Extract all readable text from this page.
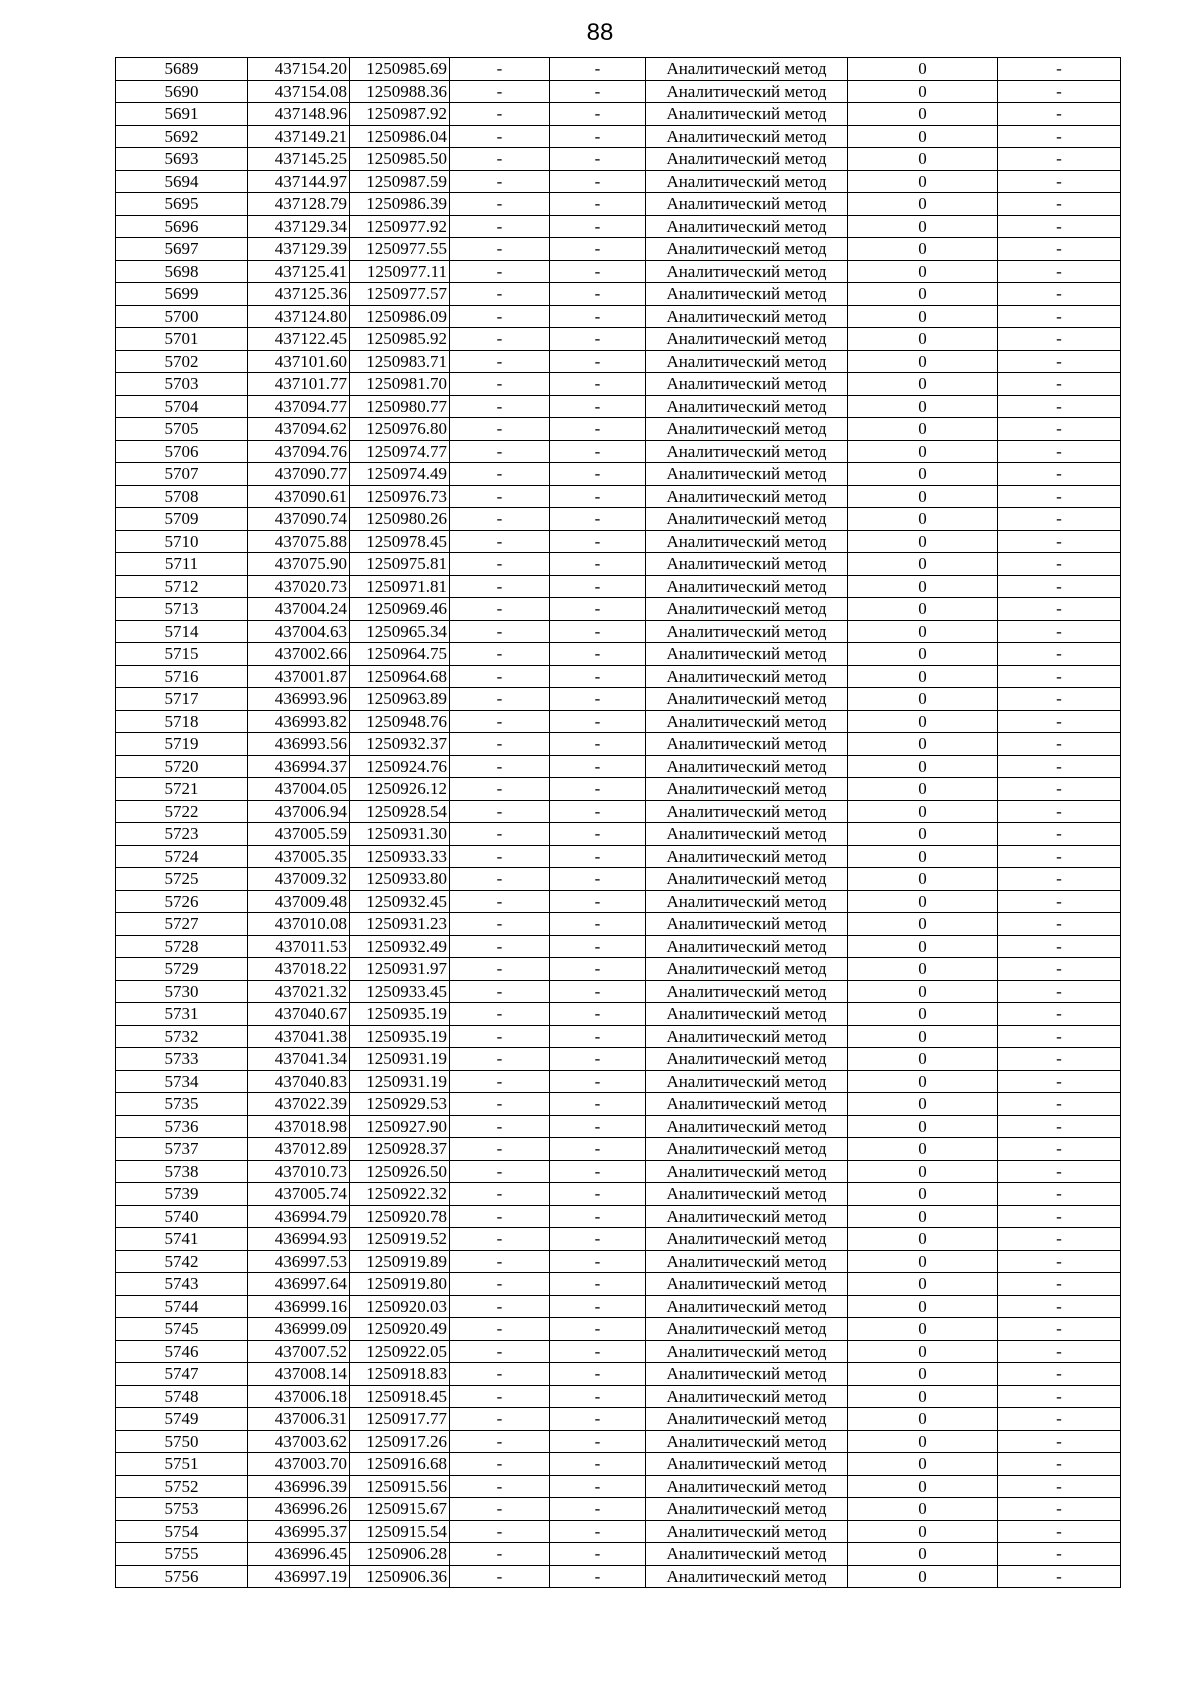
88
5689	437154.20	1250985.69	-	-	Аналитический метод	0	-
5690	437154.08	1250988.36	-	-	Аналитический метод	0	-
5691	437148.96	1250987.92	-	-	Аналитический метод	0	-
5692	437149.21	1250986.04	-	-	Аналитический метод	0	-
5693	437145.25	1250985.50	-	-	Аналитический метод	0	-
5694	437144.97	1250987.59	-	-	Аналитический метод	0	-
5695	437128.79	1250986.39	-	-	Аналитический метод	0	-
5696	437129.34	1250977.92	-	-	Аналитический метод	0	-
5697	437129.39	1250977.55	-	-	Аналитический метод	0	-
5698	437125.41	1250977.11	-	-	Аналитический метод	0	-
5699	437125.36	1250977.57	-	-	Аналитический метод	0	-
5700	437124.80	1250986.09	-	-	Аналитический метод	0	-
5701	437122.45	1250985.92	-	-	Аналитический метод	0	-
5702	437101.60	1250983.71	-	-	Аналитический метод	0	-
5703	437101.77	1250981.70	-	-	Аналитический метод	0	-
5704	437094.77	1250980.77	-	-	Аналитический метод	0	-
5705	437094.62	1250976.80	-	-	Аналитический метод	0	-
5706	437094.76	1250974.77	-	-	Аналитический метод	0	-
5707	437090.77	1250974.49	-	-	Аналитический метод	0	-
5708	437090.61	1250976.73	-	-	Аналитический метод	0	-
5709	437090.74	1250980.26	-	-	Аналитический метод	0	-
5710	437075.88	1250978.45	-	-	Аналитический метод	0	-
5711	437075.90	1250975.81	-	-	Аналитический метод	0	-
5712	437020.73	1250971.81	-	-	Аналитический метод	0	-
5713	437004.24	1250969.46	-	-	Аналитический метод	0	-
5714	437004.63	1250965.34	-	-	Аналитический метод	0	-
5715	437002.66	1250964.75	-	-	Аналитический метод	0	-
5716	437001.87	1250964.68	-	-	Аналитический метод	0	-
5717	436993.96	1250963.89	-	-	Аналитический метод	0	-
5718	436993.82	1250948.76	-	-	Аналитический метод	0	-
5719	436993.56	1250932.37	-	-	Аналитический метод	0	-
5720	436994.37	1250924.76	-	-	Аналитический метод	0	-
5721	437004.05	1250926.12	-	-	Аналитический метод	0	-
5722	437006.94	1250928.54	-	-	Аналитический метод	0	-
5723	437005.59	1250931.30	-	-	Аналитический метод	0	-
5724	437005.35	1250933.33	-	-	Аналитический метод	0	-
5725	437009.32	1250933.80	-	-	Аналитический метод	0	-
5726	437009.48	1250932.45	-	-	Аналитический метод	0	-
5727	437010.08	1250931.23	-	-	Аналитический метод	0	-
5728	437011.53	1250932.49	-	-	Аналитический метод	0	-
5729	437018.22	1250931.97	-	-	Аналитический метод	0	-
5730	437021.32	1250933.45	-	-	Аналитический метод	0	-
5731	437040.67	1250935.19	-	-	Аналитический метод	0	-
5732	437041.38	1250935.19	-	-	Аналитический метод	0	-
5733	437041.34	1250931.19	-	-	Аналитический метод	0	-
5734	437040.83	1250931.19	-	-	Аналитический метод	0	-
5735	437022.39	1250929.53	-	-	Аналитический метод	0	-
5736	437018.98	1250927.90	-	-	Аналитический метод	0	-
5737	437012.89	1250928.37	-	-	Аналитический метод	0	-
5738	437010.73	1250926.50	-	-	Аналитический метод	0	-
5739	437005.74	1250922.32	-	-	Аналитический метод	0	-
5740	436994.79	1250920.78	-	-	Аналитический метод	0	-
5741	436994.93	1250919.52	-	-	Аналитический метод	0	-
5742	436997.53	1250919.89	-	-	Аналитический метод	0	-
5743	436997.64	1250919.80	-	-	Аналитический метод	0	-
5744	436999.16	1250920.03	-	-	Аналитический метод	0	-
5745	436999.09	1250920.49	-	-	Аналитический метод	0	-
5746	437007.52	1250922.05	-	-	Аналитический метод	0	-
5747	437008.14	1250918.83	-	-	Аналитический метод	0	-
5748	437006.18	1250918.45	-	-	Аналитический метод	0	-
5749	437006.31	1250917.77	-	-	Аналитический метод	0	-
5750	437003.62	1250917.26	-	-	Аналитический метод	0	-
5751	437003.70	1250916.68	-	-	Аналитический метод	0	-
5752	436996.39	1250915.56	-	-	Аналитический метод	0	-
5753	436996.26	1250915.67	-	-	Аналитический метод	0	-
5754	436995.37	1250915.54	-	-	Аналитический метод	0	-
5755	436996.45	1250906.28	-	-	Аналитический метод	0	-
5756	436997.19	1250906.36	-	-	Аналитический метод	0	-
